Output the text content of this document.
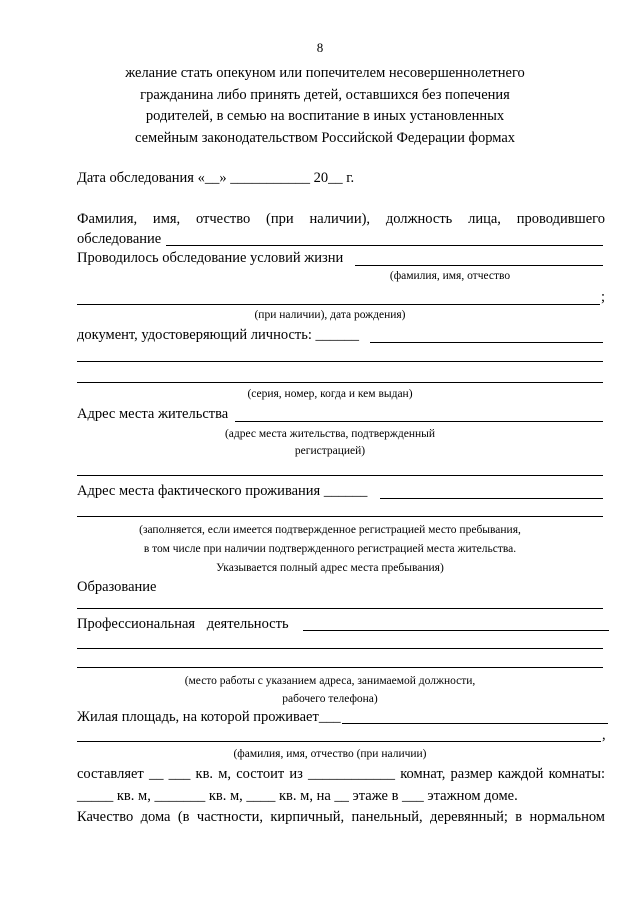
8
желание стать опекуном или попечителем несовершеннолетнего
гражданина либо принять детей, оставшихся без попечения
родителей, в семью на воспитание в иных установленных
семейным законодательством Российской Федерации формах
Дата обследования «__» ___________ 20__ г.
Фамилия, имя, отчество (при наличии), должность лица, проводившего
обследование
Проводилось обследование условий жизни
(фамилия, имя, отчество
;
(при наличии), дата рождения)
документ, удостоверяющий личность: ______
(серия, номер, когда и кем выдан)
Адрес места жительства
(адрес места жительства, подтвержденный
регистрацией)
Адрес места фактического проживания ______
(заполняется, если имеется подтвержденное регистрацией место пребывания,
в том числе при наличии подтвержденного регистрацией места жительства.
Указывается полный адрес места пребывания)
Образование
Профессиональная деятельность
(место работы с указанием адреса, занимаемой должности,
рабочего телефона)
Жилая площадь, на которой проживает___
,
(фамилия, имя, отчество (при наличии)
составляет __ ___ кв. м, состоит из ____________ комнат, размер каждой комнаты:
_____ кв. м, _______ кв. м, ____ кв. м, на __ этаже в ___ этажном доме.
Качество дома (в частности, кирпичный, панельный, деревянный; в нормальном
